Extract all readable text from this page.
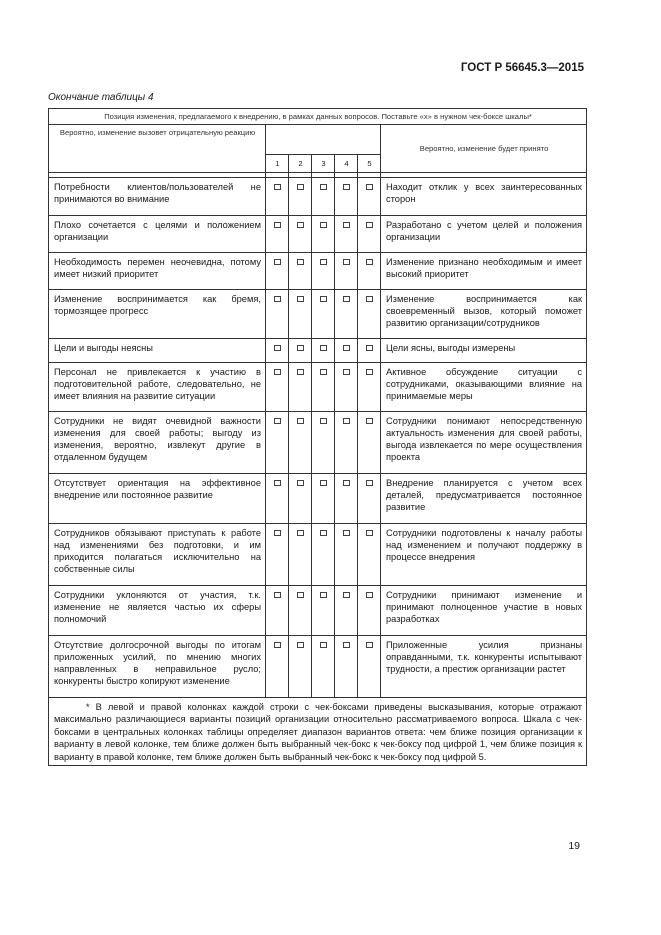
ГОСТ Р 56645.3—2015
Окончание таблицы 4
Позиция изменения, предлагаемого к внедрению, в рамках данных вопросов. Поставьте «x» в нужном чек-боксе шкалы*						
Вероятно, изменение вызовет отрицательную реакцию						Вероятно, изменение будет принято
	1	2	3	4	5	

Потребности клиентов/пользователей не принимаются во внимание						Находит отклик у всех заинтересованных сторон
Плохо сочетается с целями и положением организации						Разработано с учетом целей и положения организации
Необходимость перемен неочевидна, потому имеет низкий приоритет						Изменение признано необходимым и имеет высокий приоритет
Изменение воспринимается как бремя, тормозящее прогресс						Изменение воспринимается как своевременный вызов, который поможет развитию организации/сотрудников
Цели и выгоды неясны						Цели ясны, выгоды измерены
Персонал не привлекается к участию в подготовительной работе, следовательно, не имеет влияния на развитие ситуации						Активное обсуждение ситуации с сотрудниками, оказывающими влияние на принимаемые меры
Сотрудники не видят очевидной важности изменения для своей работы; выгоду из изменения, вероятно, извлекут другие в отдаленном будущем						Сотрудники понимают непосредственную актуальность изменения для своей работы, выгода извлекается по мере осуществления проекта
Отсутствует ориентация на эффективное внедрение или постоянное развитие						Внедрение планируется с учетом всех деталей, предусматривается постоянное развитие
Сотрудников обязывают приступать к работе над изменениями без подготовки, и им приходится полагаться исключительно на собственные силы						Сотрудники подготовлены к началу работы над изменением и получают поддержку в процессе внедрения
Сотрудники уклоняются от участия, т.к. изменение не является частью их сферы полномочий						Сотрудники принимают изменение и принимают полноценное участие в новых разработках
Отсутствие долгосрочной выгоды по итогам приложенных усилий, по мнению многих направленных в неправильное русло; конкуренты быстро копируют изменение						Приложенные усилия признаны оправданными, т.к. конкуренты испытывают трудности, а престиж организации растет
* В левой и правой колонках каждой строки с чек-боксами приведены высказывания, которые отражают максимально различающиеся варианты позиций организации относительно рассматриваемого вопроса. Шкала с чек-боксами в центральных колонках таблицы определяет диапазон вариантов ответа: чем ближе позиция организации к варианту в левой колонке, тем ближе должен быть выбранный чек-бокс к чек-боксу под цифрой 1, чем ближе позиция к варианту в правой колонке, тем ближе должен быть выбранный чек-бокс к чек-боксу под цифрой 5.						
19
